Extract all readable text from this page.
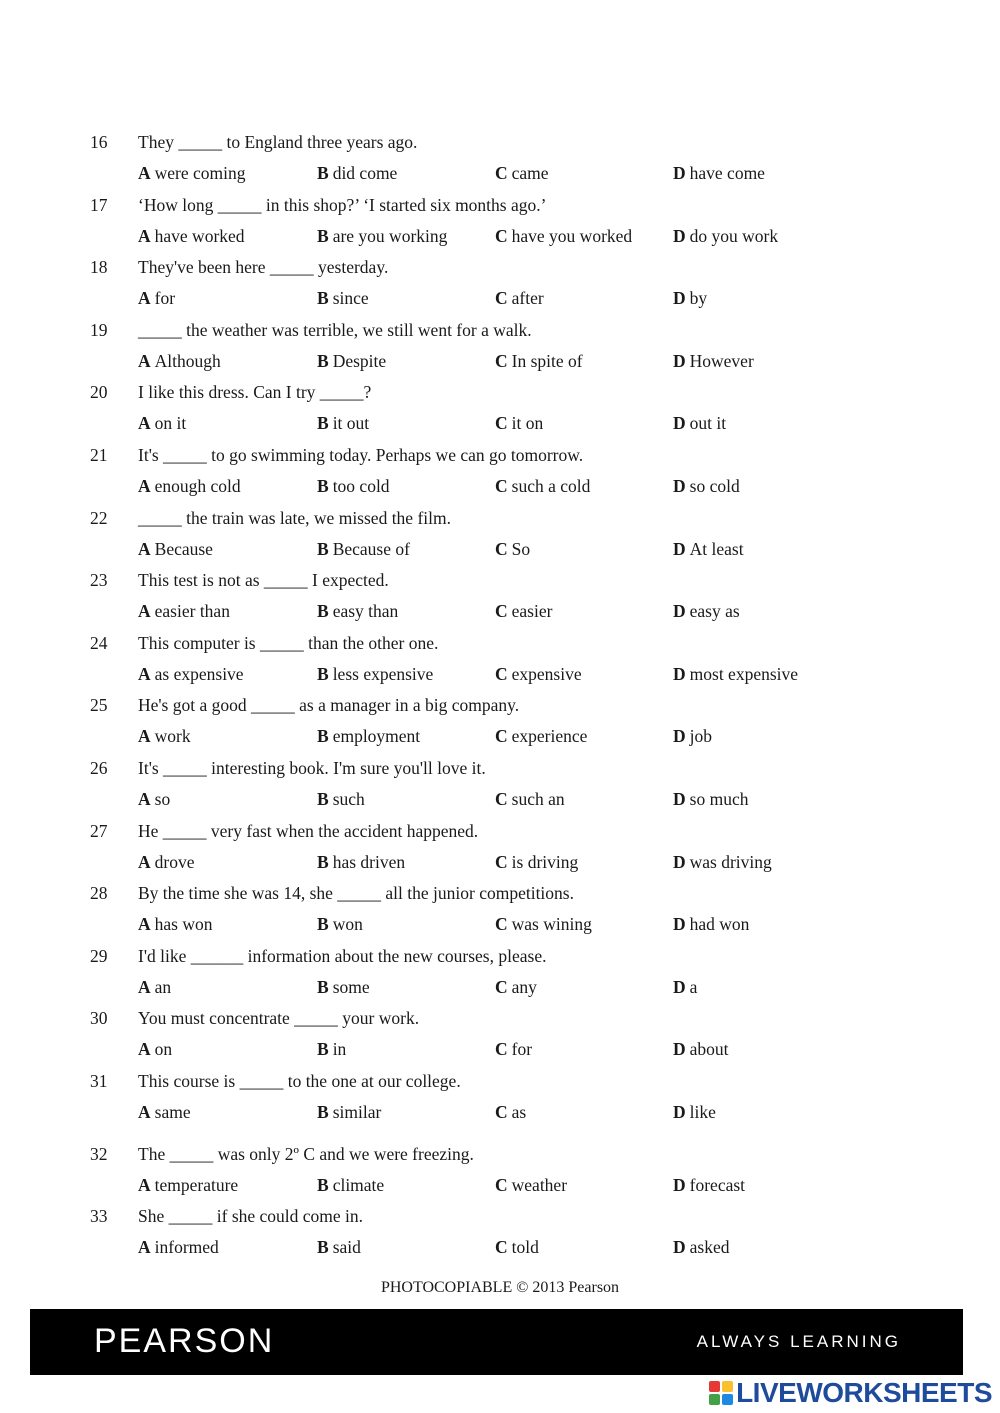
16	They _____ to England three years ago.
A were coming	B did come	C came	D have come
17	‘How long _____ in this shop?’ ‘I started six months ago.’
A have worked	B are you working	C have you worked D do you work
18	They've been here _____ yesterday.
A for	B since	C after	D by
19	_____ the weather was terrible, we still went for a walk.
A Although	B Despite	C In spite of	D However
20	I like this dress. Can I try _____?
A on it	B it out	C it on	D out it
21	It's _____ to go swimming today. Perhaps we can go tomorrow.
A enough cold	B too cold	C such a cold	D so cold
22	_____ the train was late, we missed the film.
A Because	B Because of	C So	D At least
23	This test is not as _____ I expected.
A easier than	B easy than	C easier	D easy as
24	This computer is _____ than the other one.
A as expensive	B less expensive	C expensive	D most expensive
25	He's got a good _____ as a manager in a big company.
A work	B employment	C experience	D job
26	It's _____ interesting book. I'm sure you'll love it.
A so	B such	C such an	D so much
27	He _____ very fast when the accident happened.
A drove	B has driven	C is driving	D was driving
28	By the time she was 14, she _____ all the junior competitions.
A has won	B won	C was wining	D had won
29	I'd like ______ information about the new courses, please.
A an	B some	C any	D a
30	You must concentrate _____ your work.
A on	B in	C for	D about
31	This course is _____ to the one at our college.
A same	B similar	C as	D like
32	The _____ was only 2º C and we were freezing.
A temperature	B climate	C weather	D forecast
33	She _____ if she could come in.
A informed	B said	C told	D asked
PHOTOCOPIABLE © 2013 Pearson
PEARSON	ALWAYS LEARNING
LIVEWORKSHEETS
